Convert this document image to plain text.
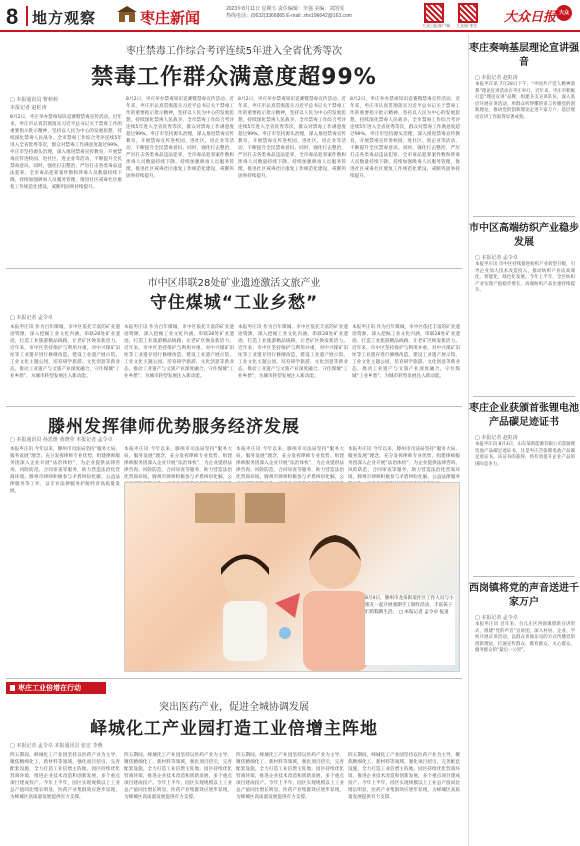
8 地方观察	枣庄新闻
2023年8月11日 星期五 责任编辑：李强 美编：刘凯雯
热线电话：(0632)3366865 E-mail: zhx196642@163.com
大众日报客户端 大众网·枣庄
大众日报 大众
枣庄禁毒工作综合考评连续5年进入全省优秀等次
禁毒工作群众满意度超99%
□ 本报通讯员 曹莉莉
本报记者 赵虹涛
8月2日，枣庄举办禁毒知识竞赛暨禁毒宣传活动。近年来，枣庄市认真贯彻落实习近平总书记关于禁毒工作的重要指示批示精神，坚持以人民为中心的发展思想，持续深化禁毒人民战争，全市禁毒工作综合考评连续5年进入全省优秀等次，群众对禁毒工作满意度超过99%。枣庄市坚持源头治理，深入推进禁毒宣传教育，开展禁毒宣传进校园、进社区、进企业等活动，不断提升全民禁毒意识。同时，强化打击整治，严厉打击各类毒品违法犯罪，全市毒品犯罪案件数和涉毒人员数量持续下降。持续加强吸毒人员服务管理，推进社区戒毒社区康复工作规范化建设，戒断巩固率持续提升。
8月2日，枣庄举办禁毒知识竞赛暨禁毒宣传活动。近年来，枣庄市认真贯彻落实习近平总书记关于禁毒工作的重要指示批示精神，坚持以人民为中心的发展思想，持续深化禁毒人民战争，全市禁毒工作综合考评连续5年进入全省优秀等次，群众对禁毒工作满意度超过99%。枣庄市坚持源头治理，深入推进禁毒宣传教育，开展禁毒宣传进校园、进社区、进企业等活动，不断提升全民禁毒意识。同时，强化打击整治，严厉打击各类毒品违法犯罪，全市毒品犯罪案件数和涉毒人员数量持续下降。持续加强吸毒人员服务管理，推进社区戒毒社区康复工作规范化建设，戒断巩固率持续提升。
8月2日，枣庄举办禁毒知识竞赛暨禁毒宣传活动。近年来，枣庄市认真贯彻落实习近平总书记关于禁毒工作的重要指示批示精神，坚持以人民为中心的发展思想，持续深化禁毒人民战争，全市禁毒工作综合考评连续5年进入全省优秀等次，群众对禁毒工作满意度超过99%。枣庄市坚持源头治理，深入推进禁毒宣传教育，开展禁毒宣传进校园、进社区、进企业等活动，不断提升全民禁毒意识。同时，强化打击整治，严厉打击各类毒品违法犯罪，全市毒品犯罪案件数和涉毒人员数量持续下降。持续加强吸毒人员服务管理，推进社区戒毒社区康复工作规范化建设，戒断巩固率持续提升。
8月2日，枣庄举办禁毒知识竞赛暨禁毒宣传活动。近年来，枣庄市认真贯彻落实习近平总书记关于禁毒工作的重要指示批示精神，坚持以人民为中心的发展思想，持续深化禁毒人民战争，全市禁毒工作综合考评连续5年进入全省优秀等次，群众对禁毒工作满意度超过99%。枣庄市坚持源头治理，深入推进禁毒宣传教育，开展禁毒宣传进校园、进社区、进企业等活动，不断提升全民禁毒意识。同时，强化打击整治，严厉打击各类毒品违法犯罪，全市毒品犯罪案件数和涉毒人员数量持续下降。持续加强吸毒人员服务管理，推进社区戒毒社区康复工作规范化建设，戒断巩固率持续提升。
市中区串联28处矿业遗迹激活文旅产业
守住煤城“工业乡愁”
□ 本报记者 孟令卓
本报枣庄讯 作为百年煤城，市中区依托丰富的矿业遗迹资源，深入挖掘工业文化内涵，串联28处矿业遗迹，打造工业旅游精品线路，让老矿区焕发新活力。近年来，市中区坚持保护与利用并重，对中兴煤矿旧址等工业遗存进行修缮改造，建设工业遗产展示馆、工业文化主题公园，培育研学旅游、文化创意等新业态，推动工业遗产与文旅产业深度融合，守住煤城“工业乡愁”，为城市转型发展注入新动能。
本报枣庄讯 作为百年煤城，市中区依托丰富的矿业遗迹资源，深入挖掘工业文化内涵，串联28处矿业遗迹，打造工业旅游精品线路，让老矿区焕发新活力。近年来，市中区坚持保护与利用并重，对中兴煤矿旧址等工业遗存进行修缮改造，建设工业遗产展示馆、工业文化主题公园，培育研学旅游、文化创意等新业态，推动工业遗产与文旅产业深度融合，守住煤城“工业乡愁”，为城市转型发展注入新动能。
本报枣庄讯 作为百年煤城，市中区依托丰富的矿业遗迹资源，深入挖掘工业文化内涵，串联28处矿业遗迹，打造工业旅游精品线路，让老矿区焕发新活力。近年来，市中区坚持保护与利用并重，对中兴煤矿旧址等工业遗存进行修缮改造，建设工业遗产展示馆、工业文化主题公园，培育研学旅游、文化创意等新业态，推动工业遗产与文旅产业深度融合，守住煤城“工业乡愁”，为城市转型发展注入新动能。
本报枣庄讯 作为百年煤城，市中区依托丰富的矿业遗迹资源，深入挖掘工业文化内涵，串联28处矿业遗迹，打造工业旅游精品线路，让老矿区焕发新活力。近年来，市中区坚持保护与利用并重，对中兴煤矿旧址等工业遗存进行修缮改造，建设工业遗产展示馆、工业文化主题公园，培育研学旅游、文化创意等新业态，推动工业遗产与文旅产业深度融合，守住煤城“工业乡愁”，为城市转型发展注入新动能。
滕州发挥律师优势服务经济发展
□ 本报通讯员 孙思维 黄晓莹 本报记者 孟令卓
本报枣庄讯 今年以来，滕州市司法局坚持“服务大局、服务发展”理念，充分发挥律师专业优势，组建律师服务团深入企业开展“法治体检”，为企业提供法律咨询、风险防范、合同审查等服务，助力营造法治化营商环境。滕州市律师积极参与矛盾纠纷化解、公益法律服务等工作，以专业法律服务护航经济高质量发展。
本报枣庄讯 今年以来，滕州市司法局坚持“服务大局、服务发展”理念，充分发挥律师专业优势，组建律师服务团深入企业开展“法治体检”，为企业提供法律咨询、风险防范、合同审查等服务，助力营造法治化营商环境。滕州市律师积极参与矛盾纠纷化解、公
本报枣庄讯 今年以来，滕州市司法局坚持“服务大局、服务发展”理念，充分发挥律师专业优势，组建律师服务团深入企业开展“法治体检”，为企业提供法律咨询、风险防范、合同审查等服务，助力营造法治化营商环境。滕州市律师积极参与矛盾纠纷化解、公
本报枣庄讯 今年以来，滕州市司法局坚持“服务大局、服务发展”理念，充分发挥律师专业优势，组建律师服务团深入企业开展“法治体检”，为企业提供法律咨询、风险防范、合同审查等服务，助力营造法治化营商环境。滕州市律师积极参与矛盾纠纷化解、公益法律服务
8月4日，滕州市龙泉街道社区工作人员与小朋友一起开展暑期手工制作活动，丰富孩子们的假期生活。 □ 本报记者 孟令卓 报道
枣庄工业倍增在行动
突出医药产业，促进全城协调发展
峄城化工产业园打造工业倍增主阵地
□ 本报记者 孟令卓 本报通讯员 张宏 李燕
四五期间，峄城化工产业园坚持以医药产业为主导，聚焦精细化工、新材料等领域，强化项目招引，完善配套设施，全力打造工业倍增主阵地。园区持续优化营商环境，推进企业技术改造和创新发展，多个重点项目建成投产。今年上半年，园区实现规模以上工业总产值同比增长明显，医药产业集群效应逐步显现，为峄城区高质量发展提供有力支撑。
四五期间，峄城化工产业园坚持以医药产业为主导，聚焦精细化工、新材料等领域，强化项目招引，完善配套设施，全力打造工业倍增主阵地。园区持续优化营商环境，推进企业技术改造和创新发展，多个重点项目建成投产。今年上半年，园区实现规模以上工业总产值同比增长明显，医药产业集群效应逐步显现，为峄城区高质量发展提供有力支撑。
四五期间，峄城化工产业园坚持以医药产业为主导，聚焦精细化工、新材料等领域，强化项目招引，完善配套设施，全力打造工业倍增主阵地。园区持续优化营商环境，推进企业技术改造和创新发展，多个重点项目建成投产。今年上半年，园区实现规模以上工业总产值同比增长明显，医药产业集群效应逐步显现，为峄城区高质量发展提供有力支撑。
四五期间，峄城化工产业园坚持以医药产业为主导，聚焦精细化工、新材料等领域，强化项目招引，完善配套设施，全力打造工业倍增主阵地。园区持续优化营商环境，推进企业技术改造和创新发展，多个重点项目建成投产。今年上半年，园区实现规模以上工业总产值同比增长明显，医药产业集群效应逐步显现，为峄城区高质量发展提供有力支撑。
枣庄奏响基层理论宣讲强音
□ 本报记者 赵虹涛
本报枣庄讯 7月28日下午，“中国共产党人精神谱系”理论宣讲活动在枣庄举行。近年来，枣庄市积极打造“理论宣讲”品牌，组建多支宣讲队伍，深入基层开展宣讲活动，用群众听得懂的语言传播党的创新理论，推动党的创新理论走进千家万户，基层理论宣讲工作取得显著成效。
市中区高端纺织产业稳步发展
□ 本报记者 孟令卓
本报枣庄讯 市中区持续推进纺织产业转型升级，引导企业加大技术改造投入，推动纺织产业向高端化、智能化、绿色化发展。今年上半年，全区纺织产业实现产值稳步增长，高端纺织产品比重持续提升。
枣庄企业获颁首张锂电池产品碳足迹证书
□ 本报记者 赵虹涛
本报枣庄讯 8月3日，山东某新能源有限公司获颁锂电池产品碳足迹证书，这是枣庄首张锂电池产品碳足迹证书。该证书的获得，将有效提升企业产品的国际竞争力。
西岗镇将党的声音送进千家万户
□ 本报记者 孟令卓
本报枣庄讯 近年来，台儿庄区西岗镇创新宣讲形式，组建“党的声音”宣讲团，深入村居、企业、学校开展宣讲活动，以群众喜闻乐见的方式传播党的创新理论，打通宣传群众、教育群众、关心群众、服务群众的“最后一公里”。
